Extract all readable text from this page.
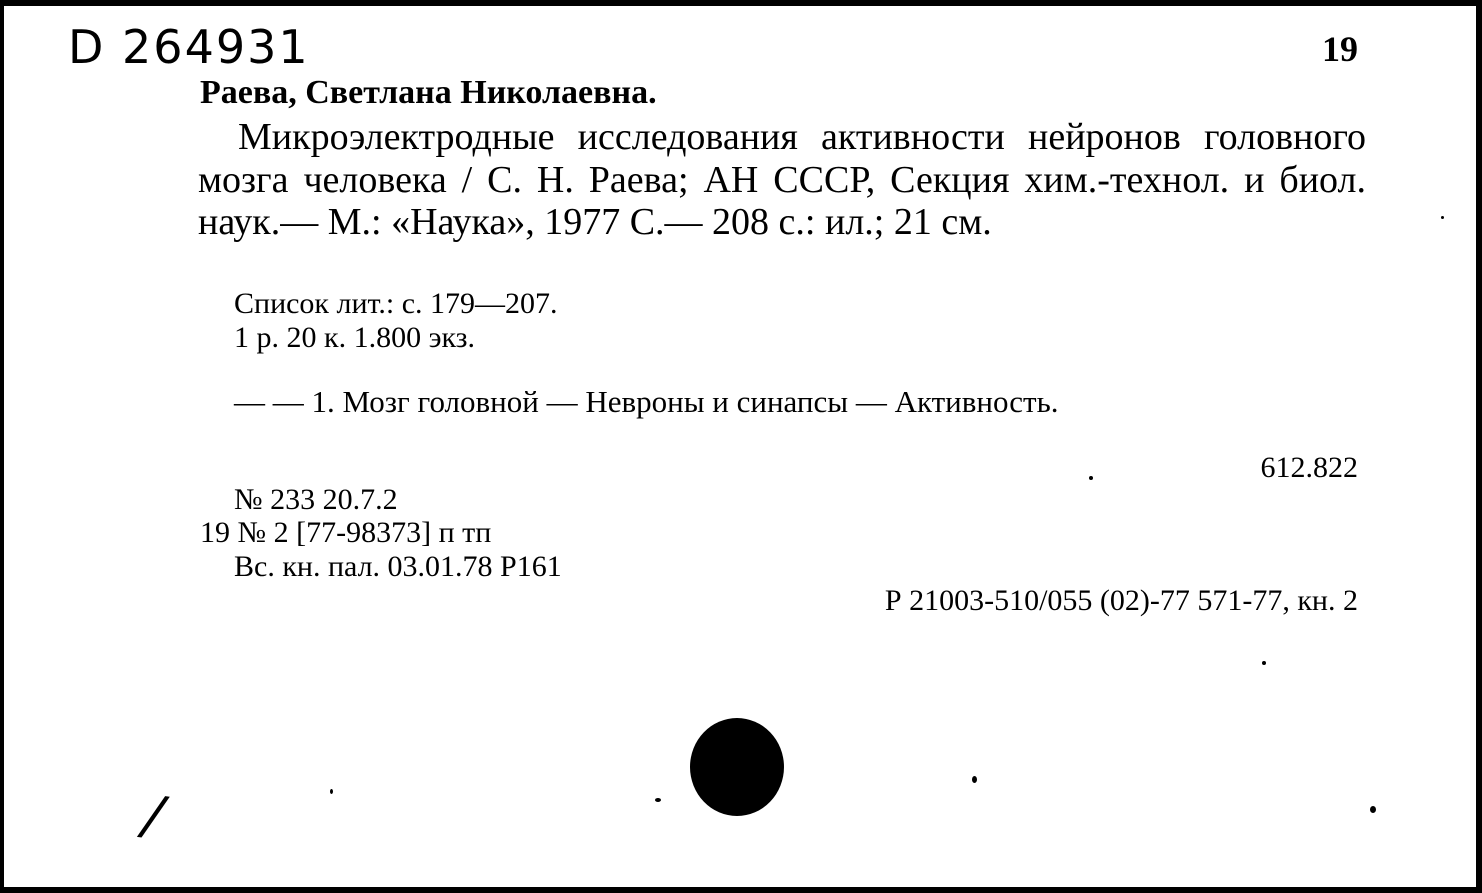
D 264931	19
Раева, Светлана Николаевна.
Микроэлектродные исследования активности нейронов головного мозга человека / С. Н. Раева; АН СССР, Секция хим.-технол. и биол. наук.— М.: «Наука», 1977 С.— 208 с.: ил.; 21 см.
Список лит.: с. 179—207.
1 р. 20 к. 1.800 экз.
— — 1. Мозг головной — Невроны и синапсы — Активность.
612.822
№ 233 20.7.2
19 № 2 [77-98373] п тп
Вс. кн. пал. 03.01.78 Р161
Р 21003-510/055 (02)-77 571-77, кн. 2
/
